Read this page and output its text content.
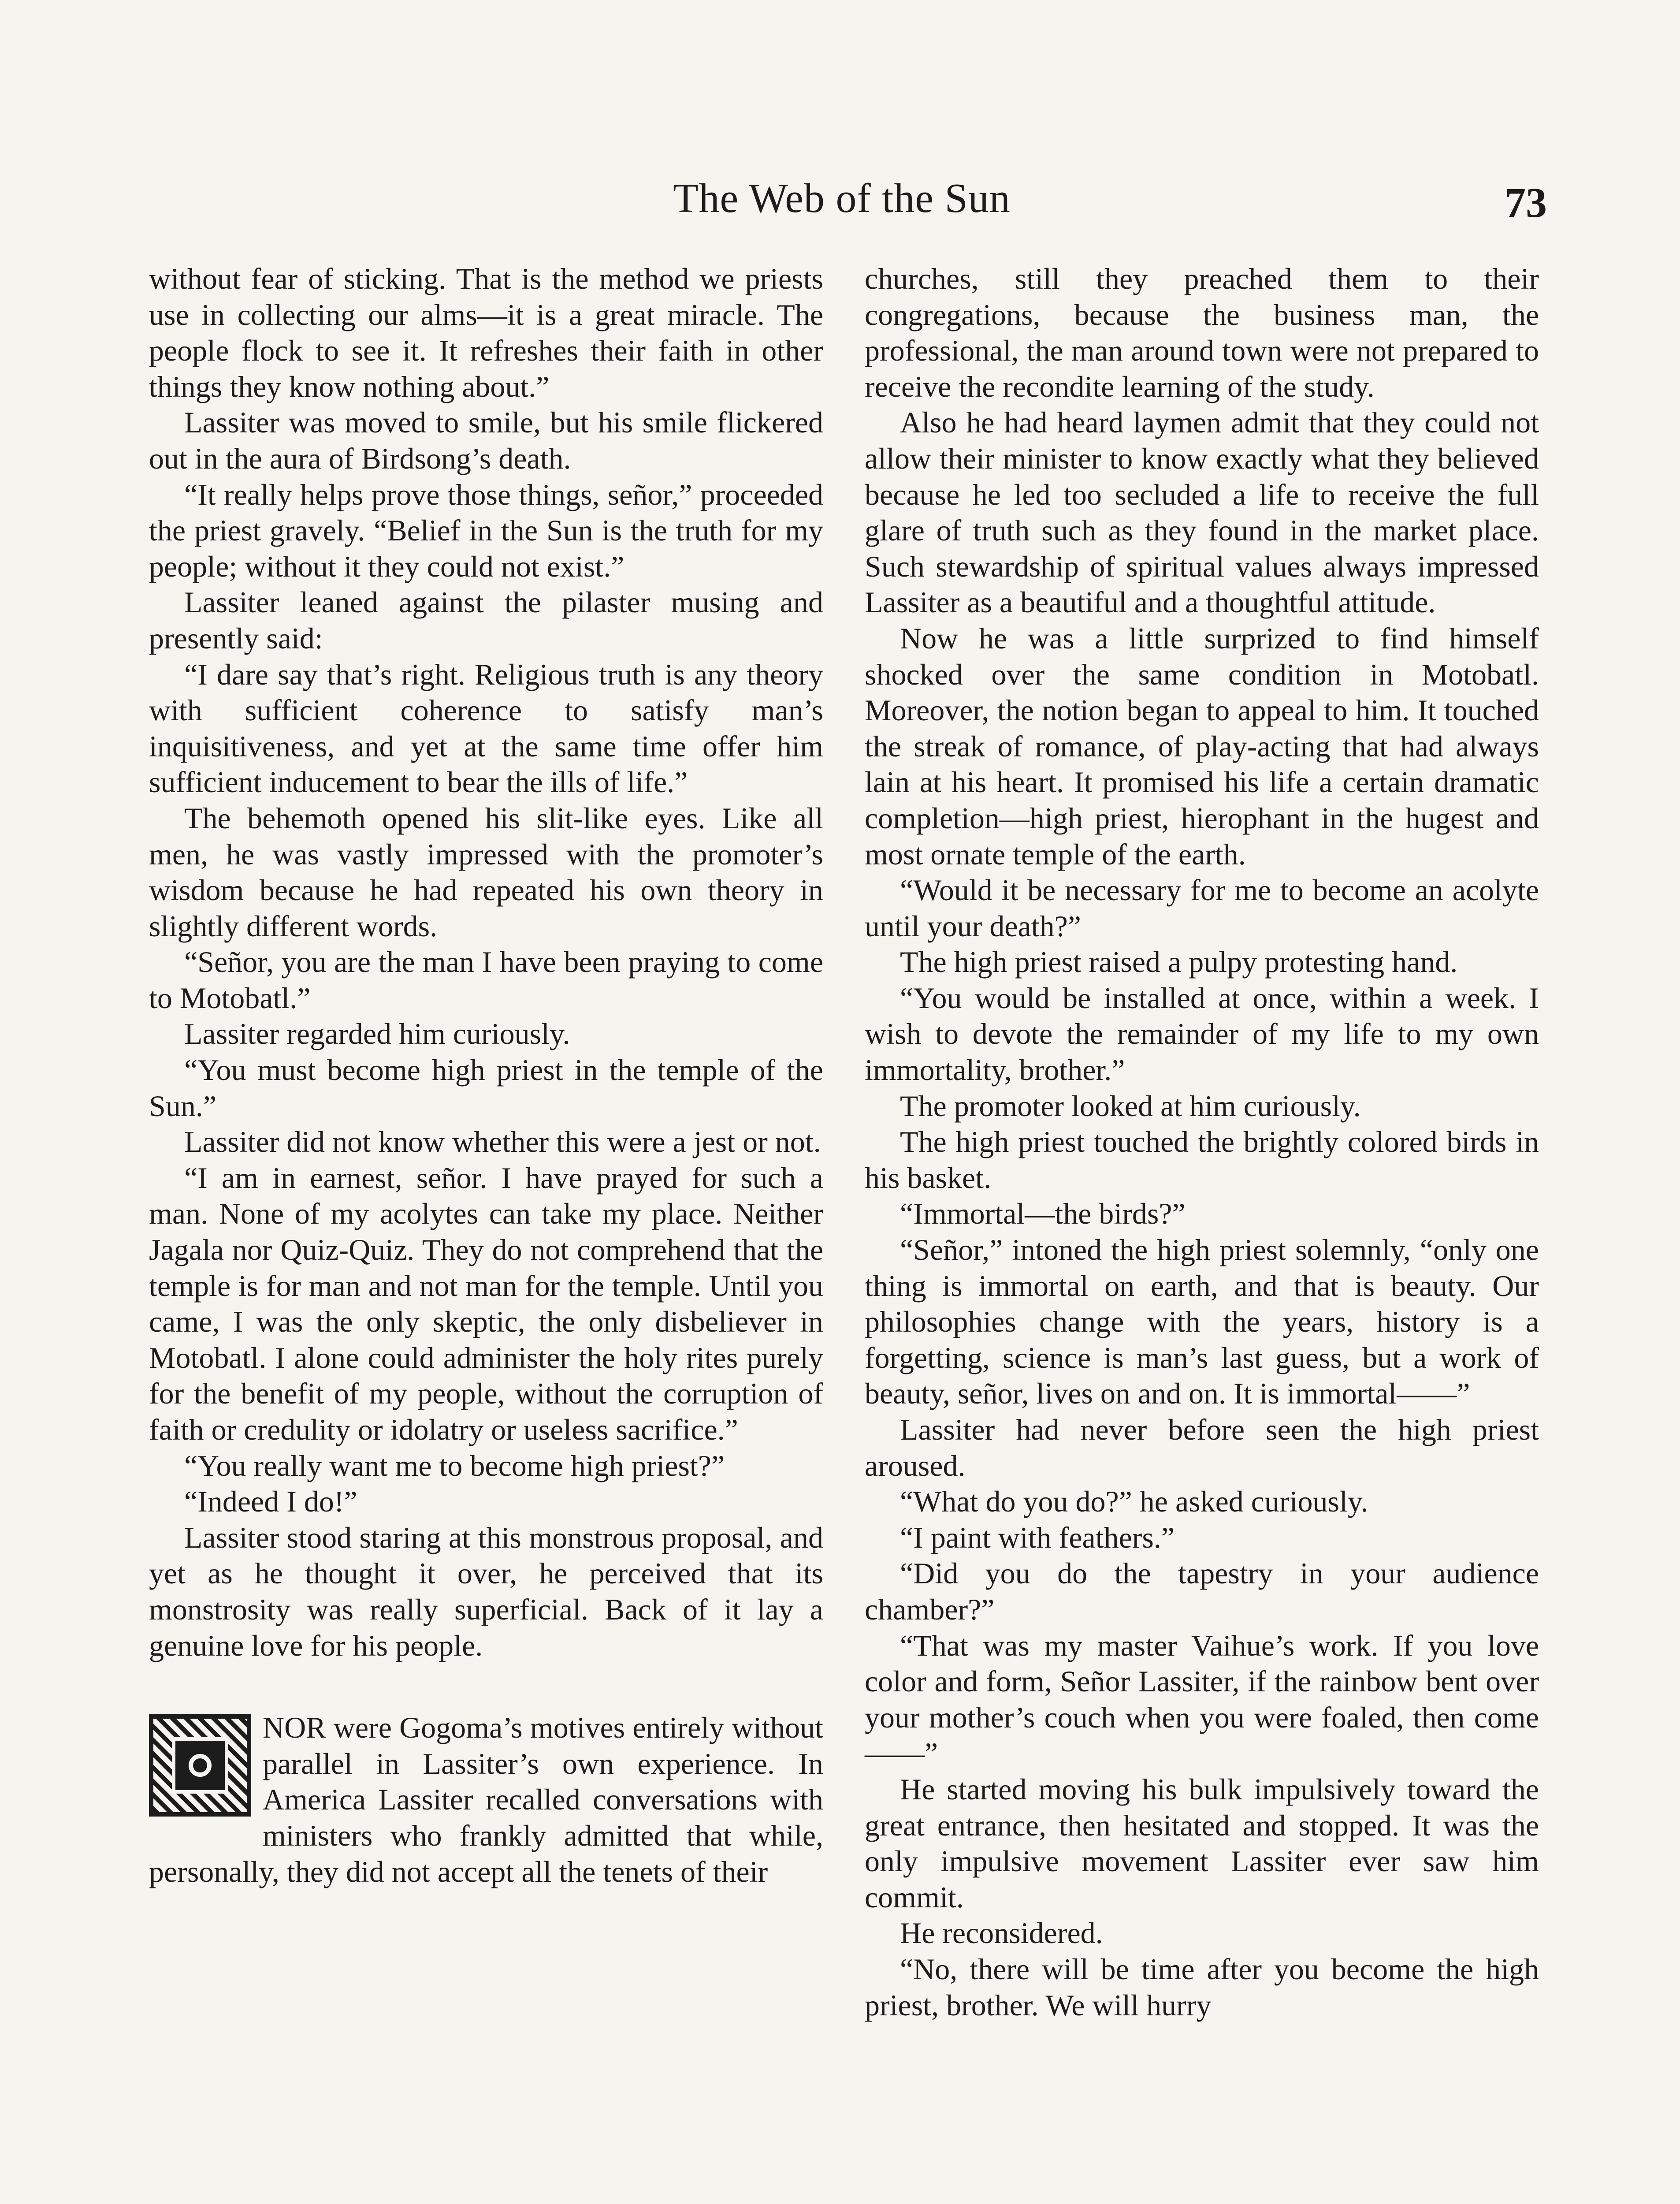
The Web of the Sun	73

without fear of sticking. That is the method we priests use in collecting our alms—it is a great miracle. The people flock to see it. It refreshes their faith in other things they know nothing about.”

Lassiter was moved to smile, but his smile flickered out in the aura of Birdsong’s death.

“It really helps prove those things, señor,” proceeded the priest gravely. “Belief in the Sun is the truth for my people; without it they could not exist.”

Lassiter leaned against the pilaster musing and presently said:

“I dare say that’s right. Religious truth is any theory with sufficient coherence to satisfy man’s inquisitiveness, and yet at the same time offer him sufficient inducement to bear the ills of life.”

The behemoth opened his slit-like eyes. Like all men, he was vastly impressed with the promoter’s wisdom because he had repeated his own theory in slightly different words.

“Señor, you are the man I have been praying to come to Motobatl.”

Lassiter regarded him curiously.

“You must become high priest in the temple of the Sun.”

Lassiter did not know whether this were a jest or not.

“I am in earnest, señor. I have prayed for such a man. None of my acolytes can take my place. Neither Jagala nor Quiz-Quiz. They do not comprehend that the temple is for man and not man for the temple. Until you came, I was the only skeptic, the only disbeliever in Motobatl. I alone could administer the holy rites purely for the benefit of my people, without the corruption of faith or credulity or idolatry or useless sacrifice.”

“You really want me to become high priest?”

“Indeed I do!”

Lassiter stood staring at this monstrous proposal, and yet as he thought it over, he perceived that its monstrosity was really superficial. Back of it lay a genuine love for his people.

NOR were Gogoma’s motives entirely without parallel in Lassiter’s own experience. In America Lassiter recalled conversations with ministers who frankly admitted that while, personally, they did not accept all the tenets of their

churches, still they preached them to their congregations, because the business man, the professional, the man around town were not prepared to receive the recondite learning of the study.

Also he had heard laymen admit that they could not allow their minister to know exactly what they believed because he led too secluded a life to receive the full glare of truth such as they found in the market place. Such stewardship of spiritual values always impressed Lassiter as a beautiful and a thoughtful attitude.

Now he was a little surprized to find himself shocked over the same condition in Motobatl. Moreover, the notion began to appeal to him. It touched the streak of romance, of play-acting that had always lain at his heart. It promised his life a certain dramatic completion—high priest, hierophant in the hugest and most ornate temple of the earth.

“Would it be necessary for me to become an acolyte until your death?”

The high priest raised a pulpy protesting hand.

“You would be installed at once, within a week. I wish to devote the remainder of my life to my own immortality, brother.”

The promoter looked at him curiously.

The high priest touched the brightly colored birds in his basket.

“Immortal—the birds?”

“Señor,” intoned the high priest solemnly, “only one thing is immortal on earth, and that is beauty. Our philosophies change with the years, history is a forgetting, science is man’s last guess, but a work of beauty, señor, lives on and on. It is immortal——”

Lassiter had never before seen the high priest aroused.

“What do you do?” he asked curiously.

“I paint with feathers.”

“Did you do the tapestry in your audience chamber?”

“That was my master Vaihue’s work. If you love color and form, Señor Lassiter, if the rainbow bent over your mother’s couch when you were foaled, then come——”

He started moving his bulk impulsively toward the great entrance, then hesitated and stopped. It was the only impulsive movement Lassiter ever saw him commit.

He reconsidered.

“No, there will be time after you become the high priest, brother. We will hurry
